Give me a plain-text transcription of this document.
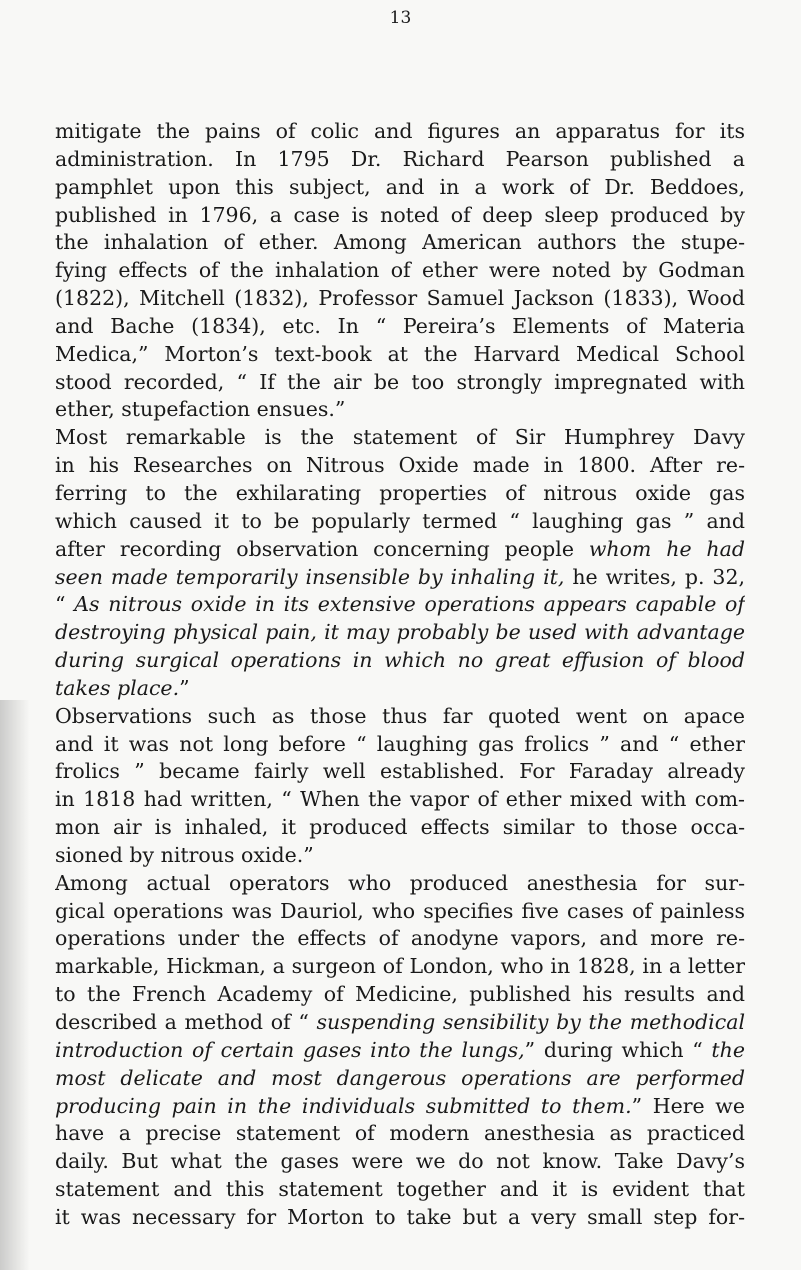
13
mitigate the pains of colic and figures an apparatus for its
administration. In 1795 Dr. Richard Pearson published a
pamphlet upon this subject, and in a work of Dr. Beddoes,
published in 1796, a case is noted of deep sleep produced by
the inhalation of ether. Among American authors the stupe-
fying effects of the inhalation of ether were noted by Godman
(1822), Mitchell (1832), Professor Samuel Jackson (1833), Wood
and Bache (1834), etc. In “ Pereira’s Elements of Materia
Medica,” Morton’s text-book at the Harvard Medical School
stood recorded, “ If the air be too strongly impregnated with
ether, stupefaction ensues.”
Most remarkable is the statement of Sir Humphrey Davy
in his Researches on Nitrous Oxide made in 1800. After re-
ferring to the exhilarating properties of nitrous oxide gas
which caused it to be popularly termed “ laughing gas ” and
after recording observation concerning people whom he had
seen made temporarily insensible by inhaling it, he writes, p. 32,
“ As nitrous oxide in its extensive operations appears capable of
destroying physical pain, it may probably be used with advantage
during surgical operations in which no great effusion of blood
takes place.”
Observations such as those thus far quoted went on apace
and it was not long before “ laughing gas frolics ” and “ ether
frolics ” became fairly well established. For Faraday already
in 1818 had written, “ When the vapor of ether mixed with com-
mon air is inhaled, it produced effects similar to those occa-
sioned by nitrous oxide.”
Among actual operators who produced anesthesia for sur-
gical operations was Dauriol, who specifies five cases of painless
operations under the effects of anodyne vapors, and more re-
markable, Hickman, a surgeon of London, who in 1828, in a letter
to the French Academy of Medicine, published his results and
described a method of “ suspending sensibility by the methodical
introduction of certain gases into the lungs,” during which “ the
most delicate and most dangerous operations are performed
producing pain in the individuals submitted to them.” Here we
have a precise statement of modern anesthesia as practiced
daily. But what the gases were we do not know. Take Davy’s
statement and this statement together and it is evident that
it was necessary for Morton to take but a very small step for-
